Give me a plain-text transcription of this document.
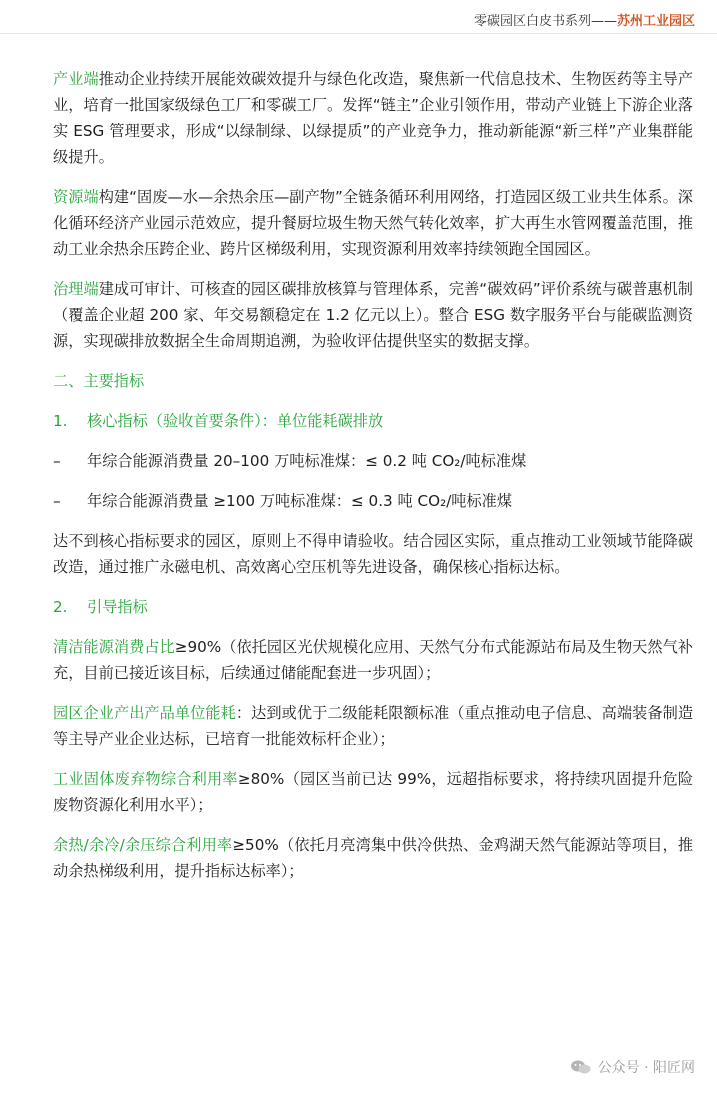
零碳园区白皮书系列——苏州工业园区

产业端推动企业持续开展能效碳效提升与绿色化改造，聚焦新一代信息技术、生物医药等主导产业，培育一批国家级绿色工厂和零碳工厂。发挥“链主”企业引领作用，带动产业链上下游企业落实 ESG 管理要求，形成“以绿制绿、以绿提质”的产业竞争力，推动新能源“新三样”产业集群能级提升。

资源端构建“固废—水—余热余压—副产物”全链条循环利用网络，打造园区级工业共生体系。深化循环经济产业园示范效应，提升餐厨垃圾生物天然气转化效率，扩大再生水管网覆盖范围，推动工业余热余压跨企业、跨片区梯级利用，实现资源利用效率持续领跑全国园区。

治理端建成可审计、可核查的园区碳排放核算与管理体系，完善“碳效码”评价系统与碳普惠机制（覆盖企业超 200 家、年交易额稳定在 1.2 亿元以上）。整合 ESG 数字服务平台与能碳监测资源，实现碳排放数据全生命周期追溯，为验收评估提供坚实的数据支撑。

二、主要指标

1. 核心指标（验收首要条件）：单位能耗碳排放

–	年综合能源消费量 20–100 万吨标准煤：≤ 0.2 吨 CO₂/吨标准煤
–	年综合能源消费量 ≥100 万吨标准煤：≤ 0.3 吨 CO₂/吨标准煤

达不到核心指标要求的园区，原则上不得申请验收。结合园区实际，重点推动工业领域节能降碳改造，通过推广永磁电机、高效离心空压机等先进设备，确保核心指标达标。

2. 引导指标

清洁能源消费占比≥90%（依托园区光伏规模化应用、天然气分布式能源站布局及生物天然气补充，目前已接近该目标，后续通过储能配套进一步巩固）；

园区企业产出产品单位能耗：达到或优于二级能耗限额标准（重点推动电子信息、高端装备制造等主导产业企业达标，已培育一批能效标杆企业）；

工业固体废弃物综合利用率≥80%（园区当前已达 99%，远超指标要求，将持续巩固提升危险废物资源化利用水平）；

余热/余冷/余压综合利用率≥50%（依托月亮湾集中供冷供热、金鸡湖天然气能源站等项目，推动余热梯级利用，提升指标达标率）；

公众号 · 阳匠网
